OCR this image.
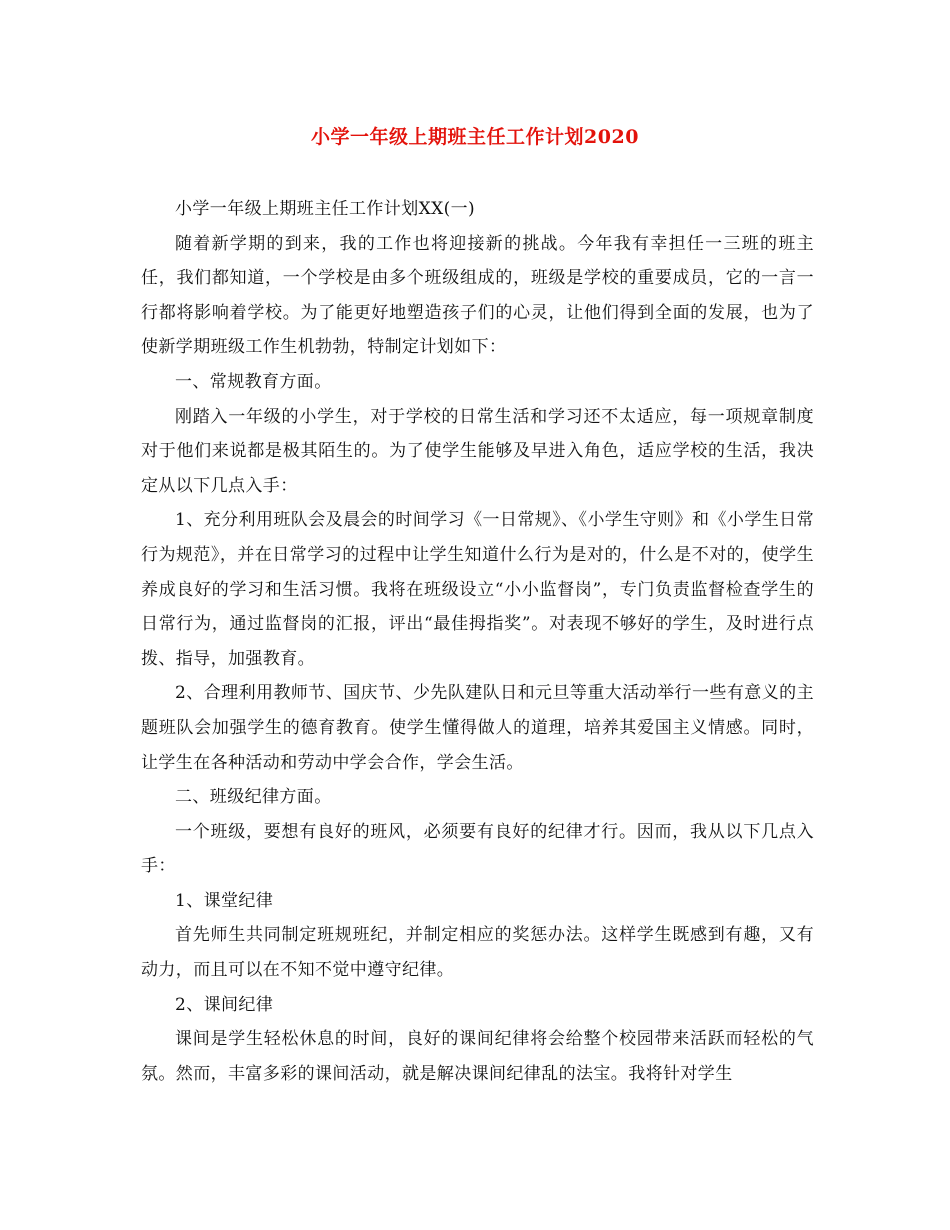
小学一年级上期班主任工作计划2020

小学一年级上期班主任工作计划XX(一)

随着新学期的到来，我的工作也将迎接新的挑战。今年我有幸担任一三班的班主任，我们都知道，一个学校是由多个班级组成的，班级是学校的重要成员，它的一言一行都将影响着学校。为了能更好地塑造孩子们的心灵，让他们得到全面的发展，也为了使新学期班级工作生机勃勃，特制定计划如下：

一、常规教育方面。

刚踏入一年级的小学生，对于学校的日常生活和学习还不太适应，每一项规章制度对于他们来说都是极其陌生的。为了使学生能够及早进入角色，适应学校的生活，我决定从以下几点入手：

1、充分利用班队会及晨会的时间学习《一日常规》、《小学生守则》和《小学生日常行为规范》，并在日常学习的过程中让学生知道什么行为是对的，什么是不对的，使学生养成良好的学习和生活习惯。我将在班级设立“小小监督岗”，专门负责监督检查学生的日常行为，通过监督岗的汇报，评出“最佳拇指奖”。对表现不够好的学生，及时进行点拨、指导，加强教育。

2、合理利用教师节、国庆节、少先队建队日和元旦等重大活动举行一些有意义的主题班队会加强学生的德育教育。使学生懂得做人的道理，培养其爱国主义情感。同时，让学生在各种活动和劳动中学会合作，学会生活。

二、班级纪律方面。

一个班级，要想有良好的班风，必须要有良好的纪律才行。因而，我从以下几点入手：

1、课堂纪律

首先师生共同制定班规班纪，并制定相应的奖惩办法。这样学生既感到有趣，又有动力，而且可以在不知不觉中遵守纪律。

2、课间纪律

课间是学生轻松休息的时间，良好的课间纪律将会给整个校园带来活跃而轻松的气氛。然而，丰富多彩的课间活动，就是解决课间纪律乱的法宝。我将针对学生
